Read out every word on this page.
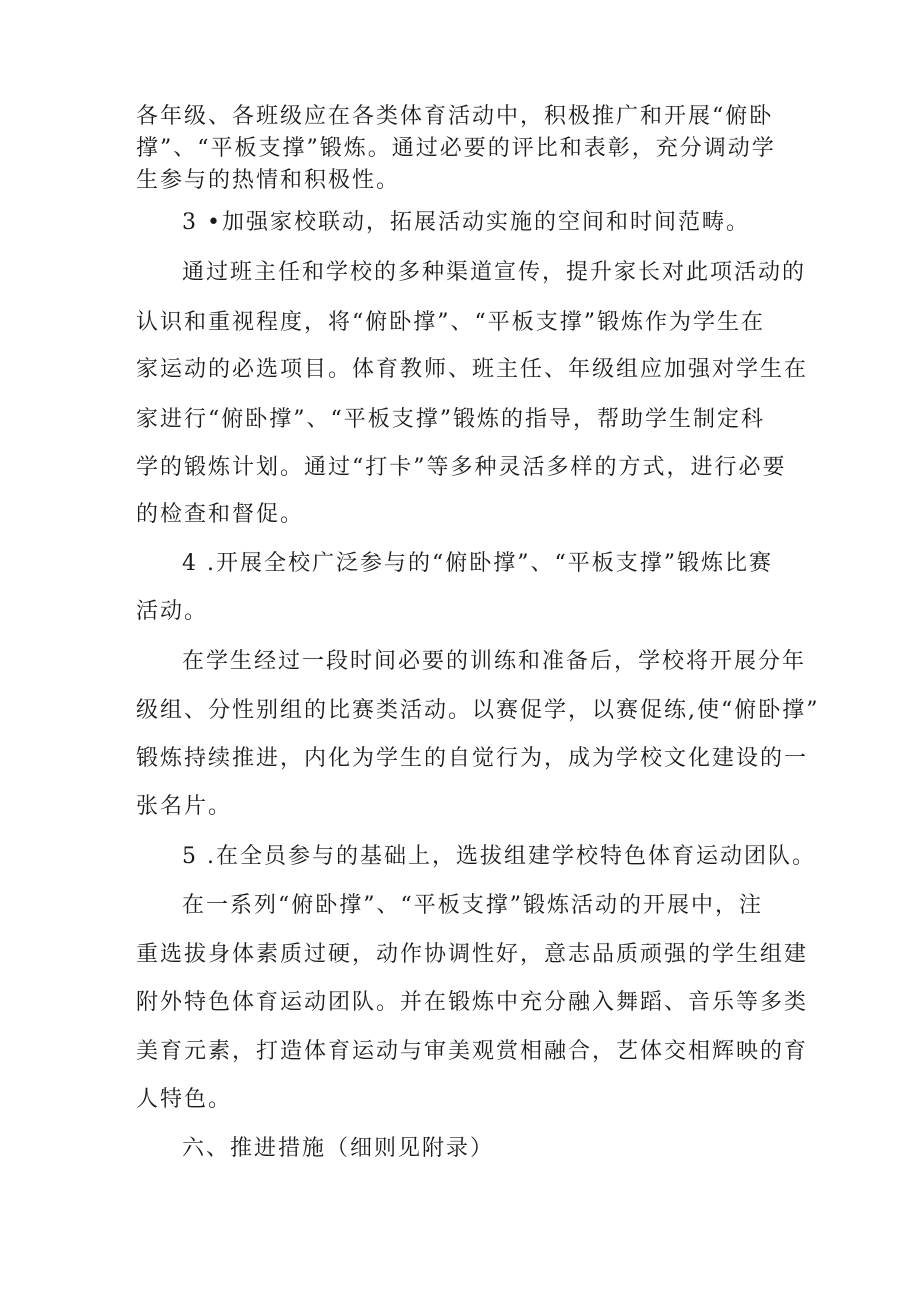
各年级、各班级应在各类体育活动中，积极推广和开展“俯卧
撑”、“平板支撑”锻炼。通过必要的评比和表彰，充分调动学
生参与的热情和积极性。
3 •加强家校联动，拓展活动实施的空间和时间范畴。
通过班主任和学校的多种渠道宣传，提升家长对此项活动的
认识和重视程度，将“俯卧撑”、“平板支撑”锻炼作为学生在
家运动的必选项目。体育教师、班主任、年级组应加强对学生在
家进行“俯卧撑”、“平板支撑”锻炼的指导，帮助学生制定科
学的锻炼计划。通过“打卡”等多种灵活多样的方式，进行必要
的检查和督促。
4 .开展全校广泛参与的“俯卧撑”、“平板支撑”锻炼比赛
活动。
在学生经过一段时间必要的训练和准备后，学校将开展分年
级组、分性别组的比赛类活动。以赛促学，以赛促练,使“俯卧撑”
锻炼持续推进，内化为学生的自觉行为，成为学校文化建设的一
张名片。
5 .在全员参与的基础上，选拔组建学校特色体育运动团队。
在一系列“俯卧撑”、“平板支撑”锻炼活动的开展中，注
重选拔身体素质过硬，动作协调性好，意志品质顽强的学生组建
附外特色体育运动团队。并在锻炼中充分融入舞蹈、音乐等多类
美育元素，打造体育运动与审美观赏相融合，艺体交相辉映的育
人特色。
六、推进措施（细则见附录）
